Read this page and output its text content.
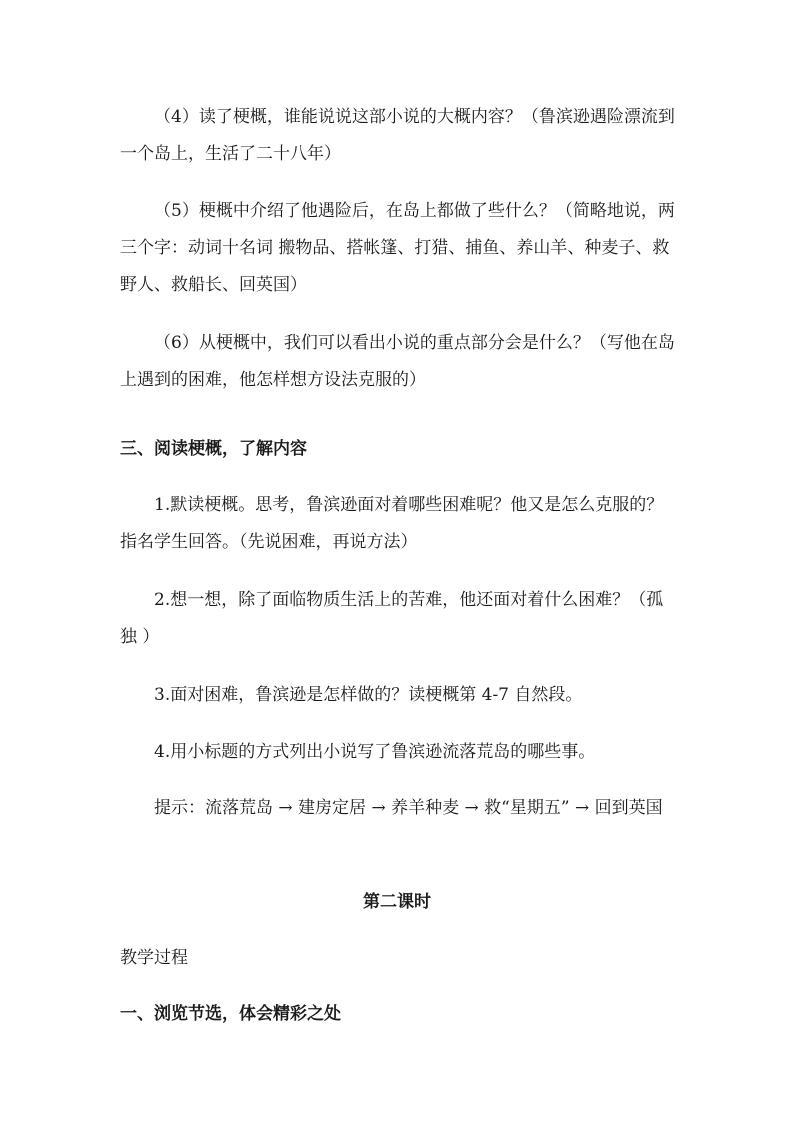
（4）读了梗概，谁能说说这部小说的大概内容？（鲁滨逊遇险漂流到一个岛上，生活了二十八年）

（5）梗概中介绍了他遇险后，在岛上都做了些什么？（简略地说，两三个字：动词十名词 搬物品、搭帐篷、打猎、捕鱼、养山羊、种麦子、救野人、救船长、回英国）

（6）从梗概中，我们可以看出小说的重点部分会是什么？（写他在岛上遇到的困难，他怎样想方设法克服的）

三、阅读梗概，了解内容

1.默读梗概。思考，鲁滨逊面对着哪些困难呢？他又是怎么克服的？指名学生回答。（先说困难，再说方法）

2.想一想，除了面临物质生活上的苦难，他还面对着什么困难？（孤独 ）

3.面对困难，鲁滨逊是怎样做的？读梗概第 4-7 自然段。

4.用小标题的方式列出小说写了鲁滨逊流落荒岛的哪些事。

提示：流落荒岛 → 建房定居 → 养羊种麦 → 救“星期五” → 回到英国

第二课时

教学过程

一、浏览节选，体会精彩之处
